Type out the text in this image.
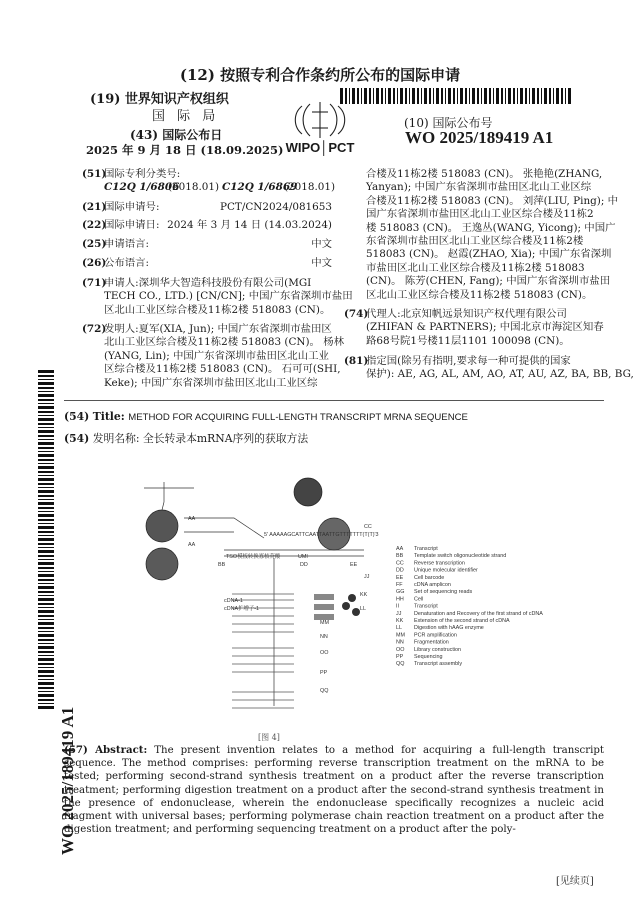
(12) 按照专利合作条约所公布的国际申请
(19) 世界知识产权组织
国 际 局
(43) 国际公布日
2025 年 9 月 18 日 (18.09.2025) WIPO│PCT
(10) 国际公布号
WO 2025/189419 A1
(51)
国际专利分类号:
C12Q 1/6806
(2018.01) C12Q 1/6869
(2018.01)
(21)
国际申请号:	PCT/CN2024/081653
(22)
国际申请日: 2024 年 3 月 14 日 (14.03.2024)
(25)
申请语言:	中文
(26)
公布语言:	中文
(71)
申请人:深圳华大智造科技股份有限公司(MGI
TECH CO., LTD.) [CN/CN]; 中国广东省深圳市盐田
区北山工业区综合楼及11栋2楼 518083 (CN)。
(72)
发明人:夏军(XIA, Jun); 中国广东省深圳市盐田区
北山工业区综合楼及11栋2楼 518083 (CN)。 杨林
(YANG, Lin); 中国广东省深圳市盐田区北山工业
区综合楼及11栋2楼 518083 (CN)。 石可可(SHI,
Keke); 中国广东省深圳市盐田区北山工业区综
合楼及11栋2楼 518083 (CN)。 张艳艳(ZHANG,
Yanyan); 中国广东省深圳市盐田区北山工业区综
合楼及11栋2楼 518083 (CN)。 刘萍(LIU, Ping); 中
国广东省深圳市盐田区北山工业区综合楼及11栋2
楼 518083 (CN)。 王逸丛(WANG, Yicong); 中国广
东省深圳市盐田区北山工业区综合楼及11栋2楼
518083 (CN)。 赵霞(ZHAO, Xia); 中国广东省深圳
市盐田区北山工业区综合楼及11栋2楼 518083
(CN)。 陈芳(CHEN, Fang); 中国广东省深圳市盐田
区北山工业区综合楼及11栋2楼 518083 (CN)。
(74)
代理人:北京知帆远景知识产权代理有限公司
(ZHIFAN & PARTNERS); 中国北京市海淀区知春
路68号院1号楼11层1101 100098 (CN)。
(81)
指定国(除另有指明,要求每一种可提供的国家
保护): AE, AG, AL, AM, AO, AT, AU, AZ, BA, BB, BG,
WO 2025/189419 A1
(54) Title: METHOD FOR ACQUIRING FULL-LENGTH TRANSCRIPT MRNA SEQUENCE
(54) 发明名称: 全长转录本mRNA序列的获取方法
AA
AA
BB
CC
DD	EE
JJ
KK
LL
MM
NN
OO
PP
QQ
5' AAAAAGCATTCAATTAATTGTTTTTTT(T(T)'3
TSO模板转换寡核苷酸	UMI
cDNA-1
cDNA扩增子-1
AA Transcript
BB Template switch oligonucleotide strand
CC Reverse transcription
DD Unique molecular identifier
EE Cell barcode
FF cDNA amplicon
GG Set of sequencing reads
HH Cell
II	Transcript
JJ Denaturation and Recovery of the first strand of cDNA
KK Extension of the second strand of cDNA
LL Digestion with hAAG enzyme
MM PCR amplification
NN Fragmentation
OO Library construction
PP Sequencing
QQ Transcript assembly
[图 4]
(57) Abstract: The present invention relates to a method for acquiring a full-length transcript sequence. The method comprises: performing reverse transcription treatment on the mRNA to be tested; performing second-strand synthesis treatment on a product after the reverse transcription treatment; performing digestion treatment on a product after the second-strand synthesis treatment in the presence of endonuclease, wherein the endonuclease specifically recognizes a nucleic acid fragment with universal bases; performing polymerase chain reaction treatment on a product after the digestion treatment; and performing sequencing treatment on a product after the poly-
[见续页]
